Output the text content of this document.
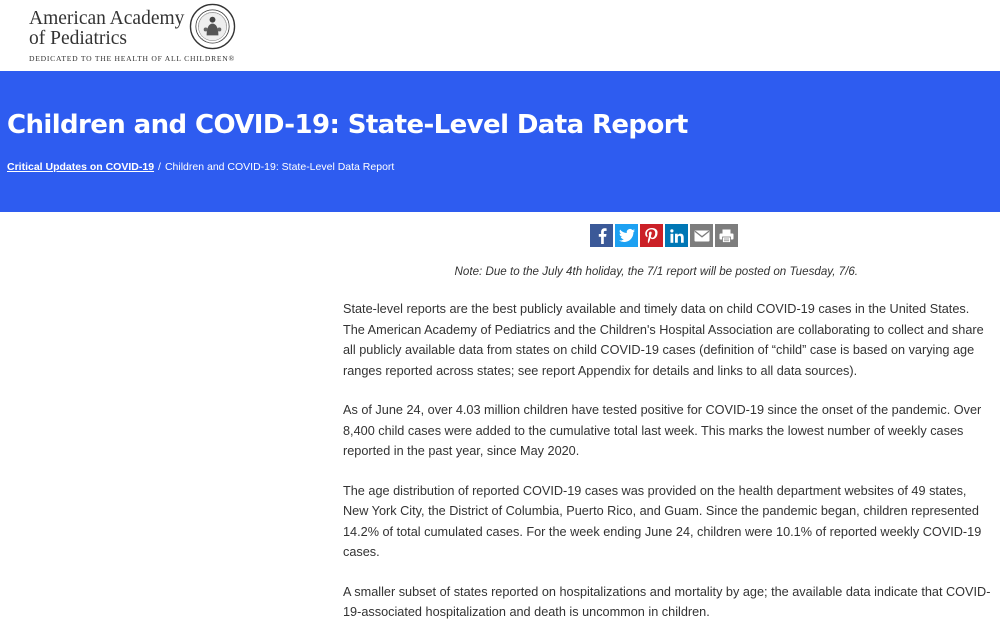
American Academy
of Pediatrics
DEDICATED TO THE HEALTH OF ALL CHILDREN®
Children and COVID-19: State-Level Data Report
Critical Updates on COVID-19 / Children and COVID-19: State-Level Data Report

Note: Due to the July 4th holiday, the 7/1 report will be posted on Tuesday, 7/6.

State-level reports are the best publicly available and timely data on child COVID-19 cases in the United States. The American Academy of Pediatrics and the Children's Hospital Association are collaborating to collect and share all publicly available data from states on child COVID-19 cases (definition of “child” case is based on varying age ranges reported across states; see report Appendix for details and links to all data sources).

As of June 24, over 4.03 million children have tested positive for COVID-19 since the onset of the pandemic. Over 8,400 child cases were added to the cumulative total last week. This marks the lowest number of weekly cases reported in the past year, since May 2020.

The age distribution of reported COVID-19 cases was provided on the health department websites of 49 states, New York City, the District of Columbia, Puerto Rico, and Guam. Since the pandemic began, children represented 14.2% of total cumulated cases. For the week ending June 24, children were 10.1% of reported weekly COVID-19 cases.

A smaller subset of states reported on hospitalizations and mortality by age; the available data indicate that COVID-19-associated hospitalization and death is uncommon in children.
